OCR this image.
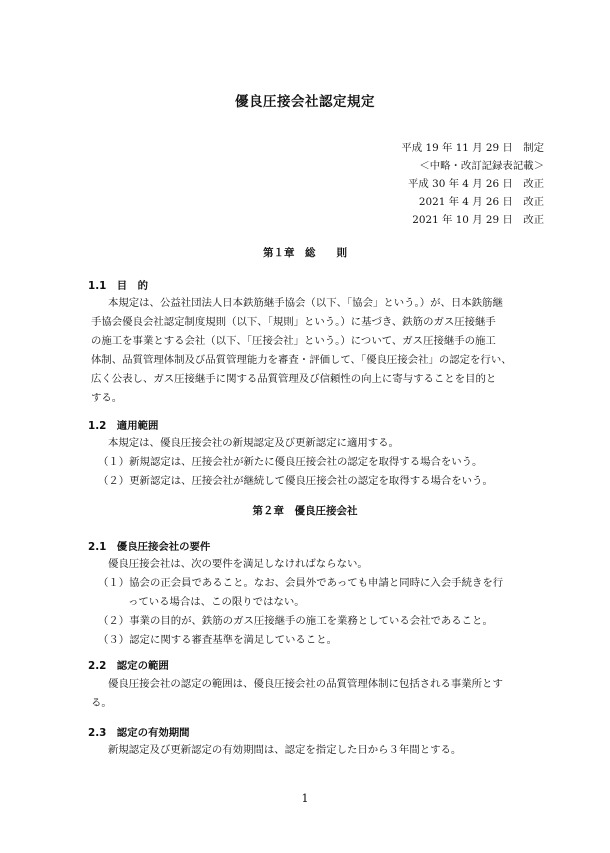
優良圧接会社認定規定
平成 19 年 11 月 29 日　制定
＜中略・改訂記録表記載＞
平成 30 年 4 月 26 日　改正
2021 年 4 月 26 日　改正
2021 年 10 月 29 日　改正
第１章　総　　則
1.1　目　的
本規定は、公益社団法人日本鉄筋継手協会（以下、「協会」という。）が、日本鉄筋継
手協会優良会社認定制度規則（以下、「規則」という。）に基づき、鉄筋のガス圧接継手
の施工を事業とする会社（以下、「圧接会社」という。）について、ガス圧接継手の施工
体制、品質管理体制及び品質管理能力を審査・評価して、「優良圧接会社」の認定を行い、
広く公表し、ガス圧接継手に関する品質管理及び信頼性の向上に寄与することを目的と
する。
1.2　適用範囲
本規定は、優良圧接会社の新規認定及び更新認定に適用する。
（１）新規認定は、圧接会社が新たに優良圧接会社の認定を取得する場合をいう。
（２）更新認定は、圧接会社が継続して優良圧接会社の認定を取得する場合をいう。
第２章　優良圧接会社
2.1　優良圧接会社の要件
優良圧接会社は、次の要件を満足しなければならない。
（１）協会の正会員であること。なお、会員外であっても申請と同時に入会手続きを行
っている場合は、この限りではない。
（２）事業の目的が、鉄筋のガス圧接継手の施工を業務としている会社であること。
（３）認定に関する審査基準を満足していること。
2.2　認定の範囲
優良圧接会社の認定の範囲は、優良圧接会社の品質管理体制に包括される事業所とす
る。
2.3　認定の有効期間
新規認定及び更新認定の有効期間は、認定を指定した日から３年間とする。
1
